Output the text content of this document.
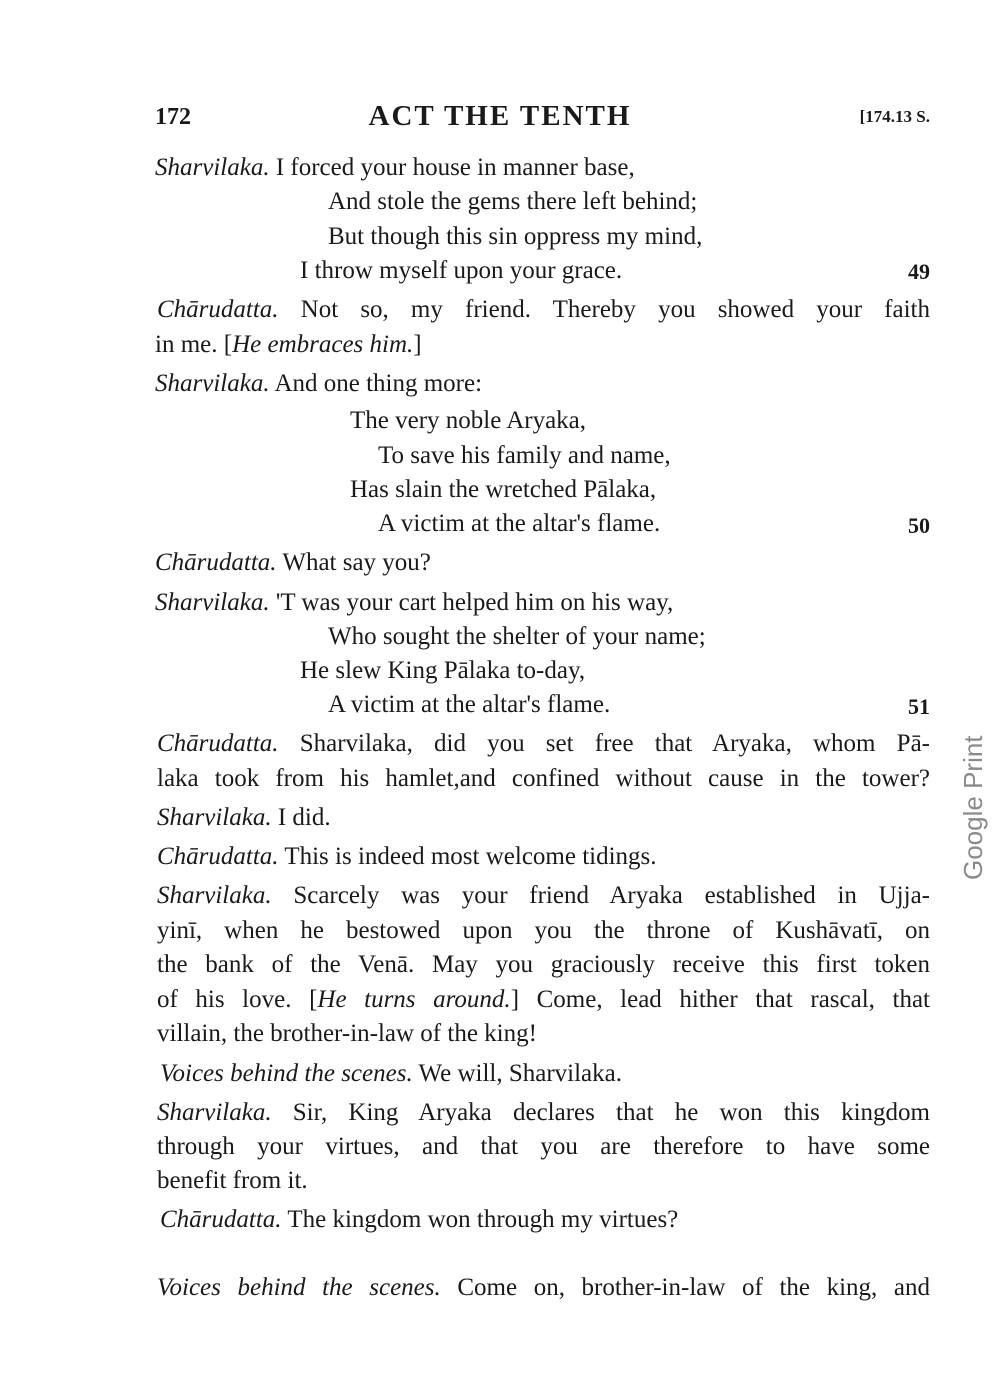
172	ACT THE TENTH	[174.13 S.
Sharvilaka. I forced your house in manner base,
And stole the gems there left behind;
But though this sin oppress my mind,
I throw myself upon your grace.	49
Chārudatta. Not so, my friend. Thereby you showed your faith
in me. [He embraces him.]
Sharvilaka. And one thing more:
The very noble Aryaka,
To save his family and name,
Has slain the wretched Pālaka,
A victim at the altar's flame.	50
Chārudatta. What say you?
Sharvilaka. 'T was your cart helped him on his way,
Who sought the shelter of your name;
He slew King Pālaka to-day,
A victim at the altar's flame.	51
Chārudatta. Sharvilaka, did you set free that Aryaka, whom Pā-
laka took from his hamlet,and confined without cause in the tower?
Sharvilaka. I did.
Chārudatta. This is indeed most welcome tidings.
Sharvilaka. Scarcely was your friend Aryaka established in Ujja-
yinī, when he bestowed upon you the throne of Kushāvatī, on
the bank of the Venā. May you graciously receive this first token
of his love. [He turns around.] Come, lead hither that rascal, that
villain, the brother-in-law of the king!
Voices behind the scenes. We will, Sharvilaka.
Sharvilaka. Sir, King Aryaka declares that he won this kingdom
through your virtues, and that you are therefore to have some
benefit from it.
Chārudatta. The kingdom won through my virtues?
Voices behind the scenes. Come on, brother-in-law of the king, and
Google Print
